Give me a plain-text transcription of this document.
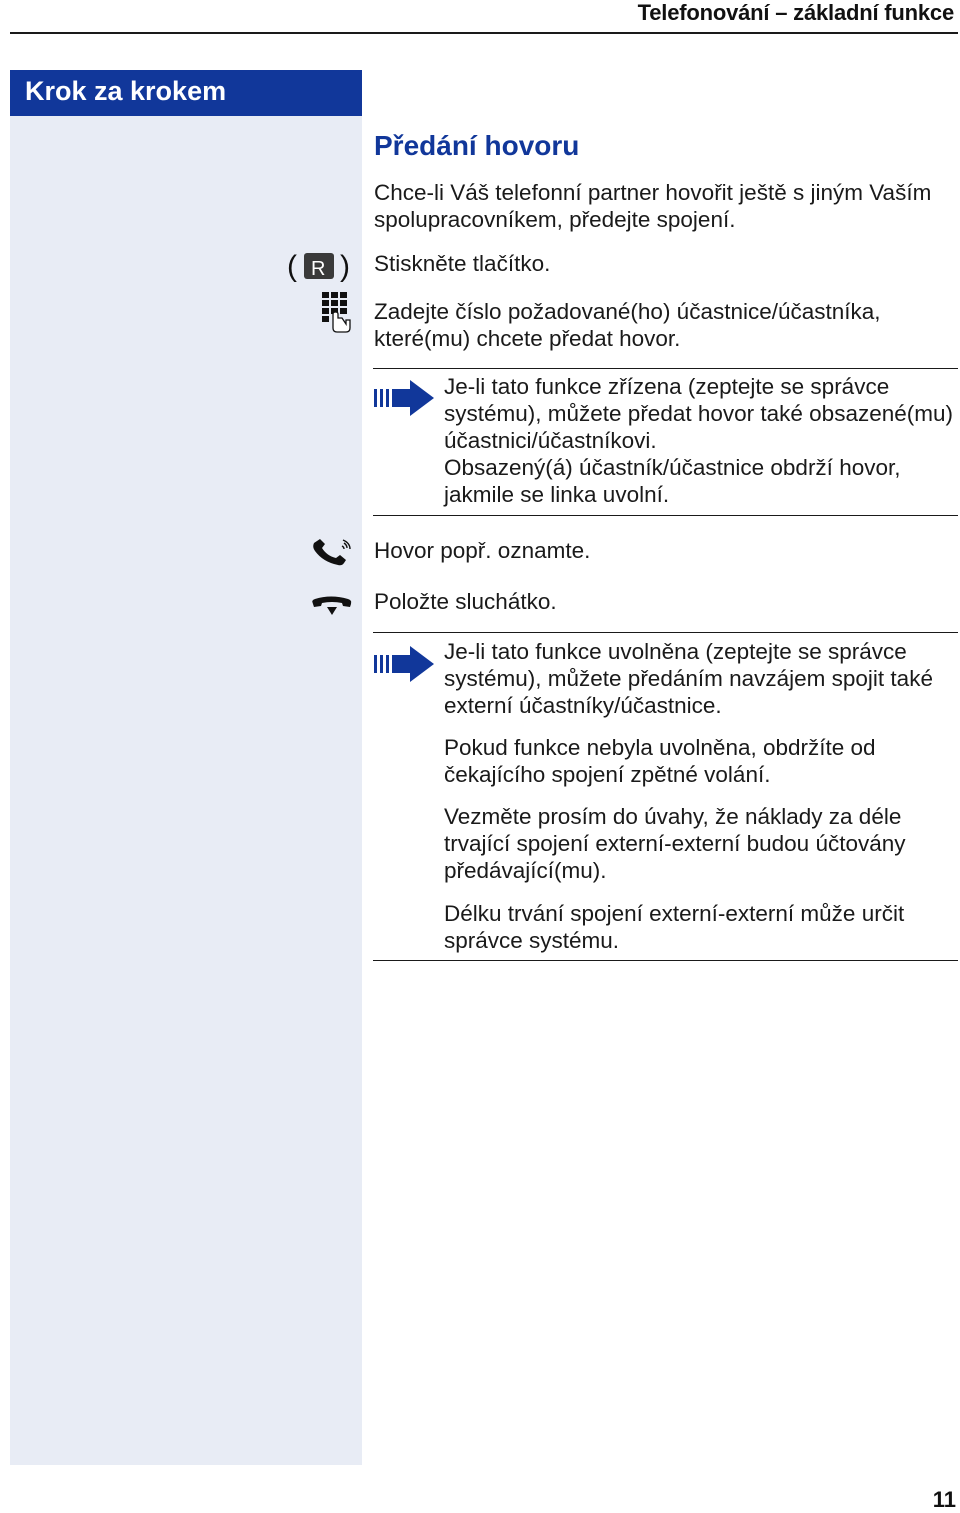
Telefonování – základní funkce
Krok za krokem
Předání hovoru
Chce-li Váš telefonní partner hovořit ještě s jiným Vaším spolupracovníkem, předejte spojení.
( R ) Stiskněte tlačítko.
Zadejte číslo požadované(ho) účastnice/účastníka, které(mu) chcete předat hovor.
Je-li tato funkce zřízena (zeptejte se správce systému), můžete předat hovor také obsazené(mu) účastnici/účastníkovi.
Obsazený(á) účastník/účastnice obdrží hovor, jakmile se linka uvolní.
Hovor popř. oznamte.
Položte sluchátko.
Je-li tato funkce uvolněna (zeptejte se správce systému), můžete předáním navzájem spojit také externí účastníky/účastnice.
Pokud funkce nebyla uvolněna, obdržíte od čekajícího spojení zpětné volání.
Vezměte prosím do úvahy, že náklady za déle trvající spojení externí-externí budou účtovány předávající(mu).
Délku trvání spojení externí-externí může určit správce systému.
11
